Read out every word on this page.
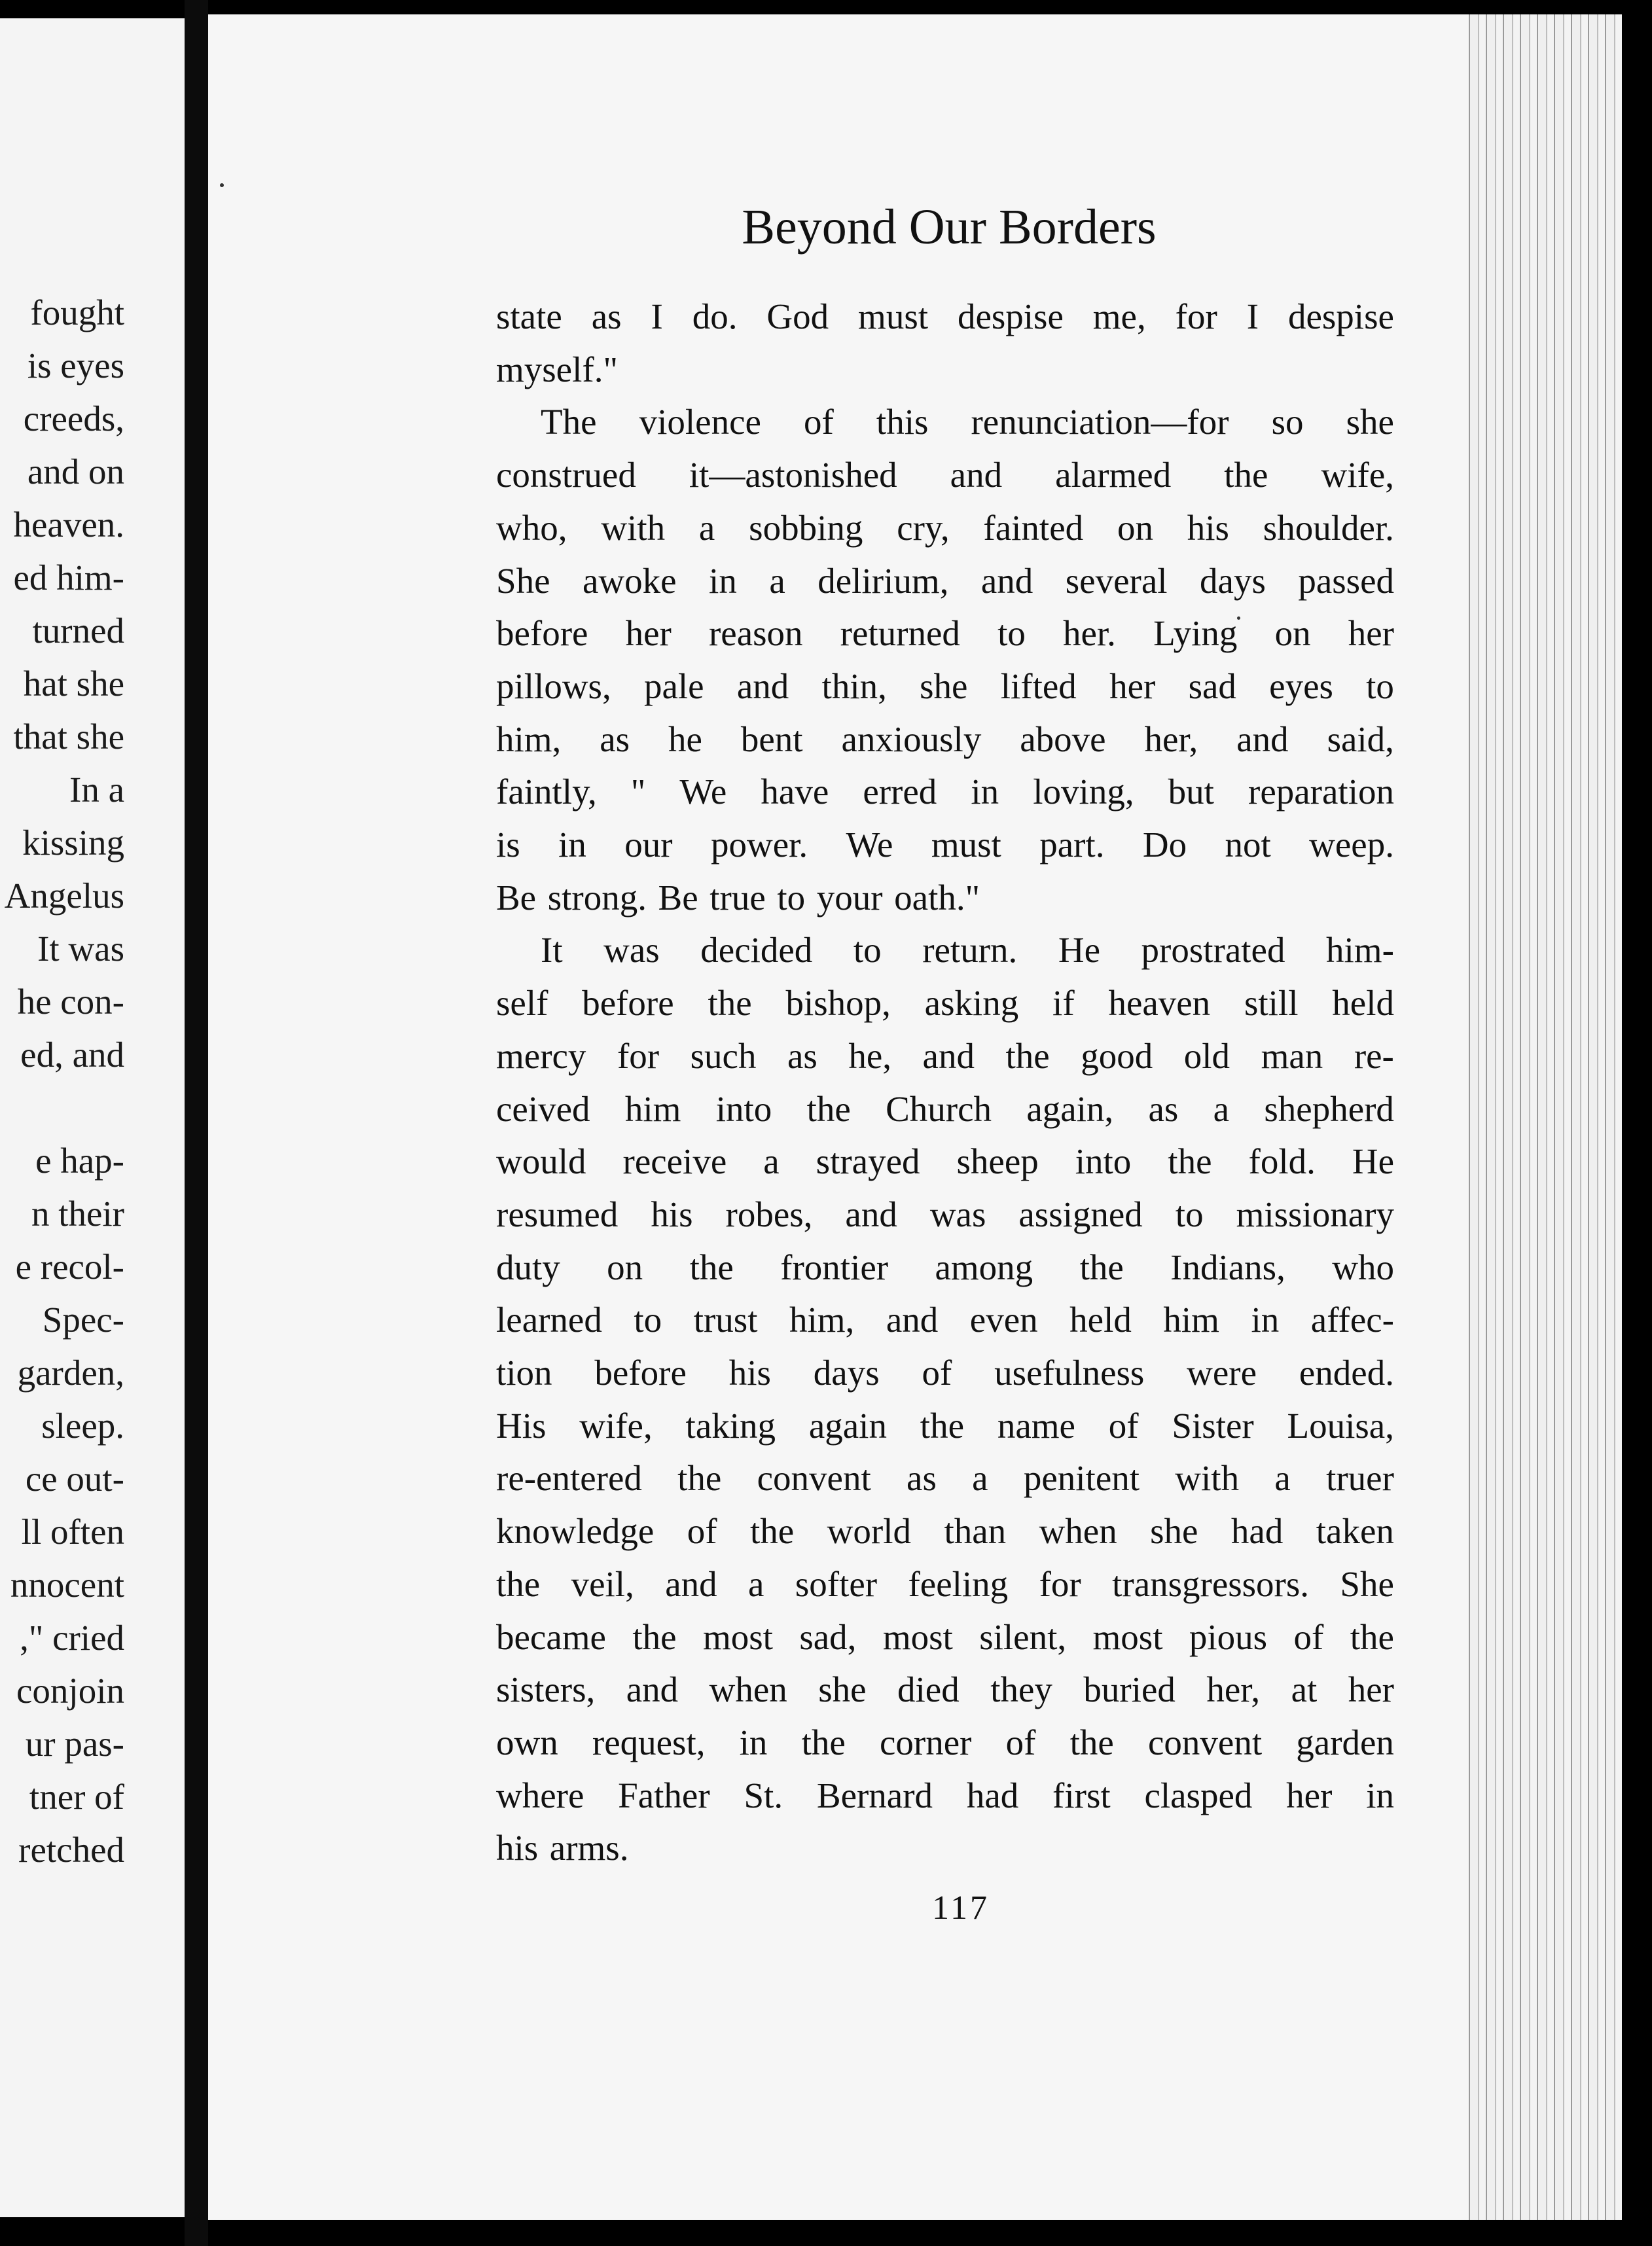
fought
is eyes
creeds,
and on
heaven.
ed him-
turned
hat she
that she
In a
kissing
Angelus
It was
he con-
ed, and
e hap-
n their
e recol-
Spec-
garden,
sleep.
ce out-
ll often
nnocent
," cried
conjoin
ur pas-
tner of
retched
Beyond Our Borders
state as I do. God must despise me, for I despise
myself."
The violence of this renunciation—for so she
construed it—astonished and alarmed the wife,
who, with a sobbing cry, fainted on his shoulder.
She awoke in a delirium, and several days passed
before her reason returned to her. Lying on her
pillows, pale and thin, she lifted her sad eyes to
him, as he bent anxiously above her, and said,
faintly, " We have erred in loving, but reparation
is in our power. We must part. Do not weep.
Be strong. Be true to your oath."
It was decided to return. He prostrated him-
self before the bishop, asking if heaven still held
mercy for such as he, and the good old man re-
ceived him into the Church again, as a shepherd
would receive a strayed sheep into the fold. He
resumed his robes, and was assigned to missionary
duty on the frontier among the Indians, who
learned to trust him, and even held him in affec-
tion before his days of usefulness were ended.
His wife, taking again the name of Sister Louisa,
re-entered the convent as a penitent with a truer
knowledge of the world than when she had taken
the veil, and a softer feeling for transgressors. She
became the most sad, most silent, most pious of the
sisters, and when she died they buried her, at her
own request, in the corner of the convent garden
where Father St. Bernard had first clasped her in
his arms.
117
